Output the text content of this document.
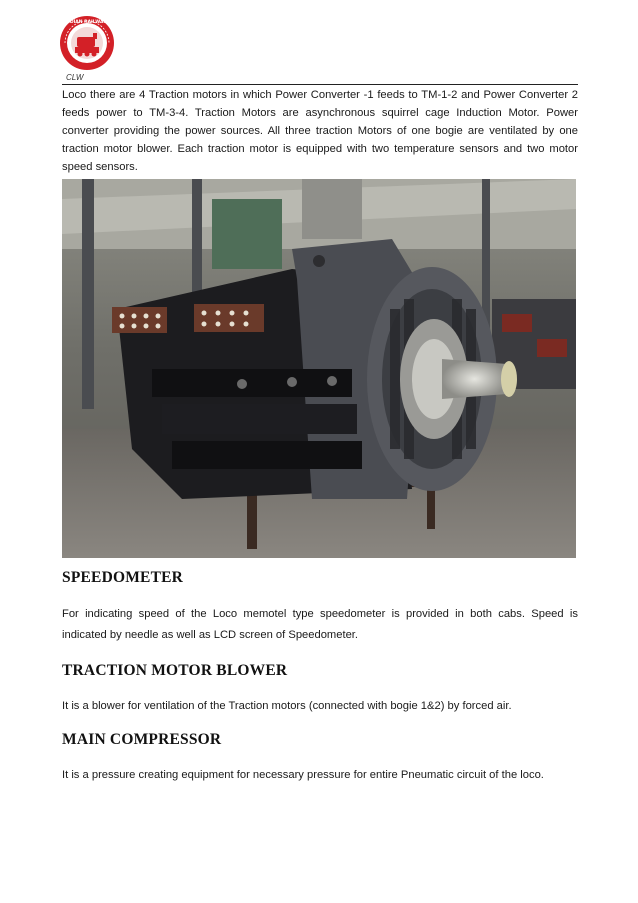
INDIAN RAILWAYS
CLW
Loco there are 4 Traction motors in which Power Converter -1 feeds to TM-1-2 and Power Converter 2 feeds power to TM-3-4. Traction Motors are asynchronous squirrel cage Induction Motor. Power converter providing the power sources. All three traction Motors of one bogie are ventilated by one traction motor blower. Each traction motor is equipped with two temperature sensors and two motor speed sensors.
SPEEDOMETER
For indicating speed of the Loco memotel type speedometer is provided in both cabs. Speed is indicated by needle as well as LCD screen of Speedometer.
TRACTION MOTOR BLOWER
It is a blower for ventilation of the Traction motors (connected with bogie 1&2) by forced air.
MAIN COMPRESSOR
It is a pressure creating equipment for necessary pressure for entire Pneumatic circuit of the loco.
